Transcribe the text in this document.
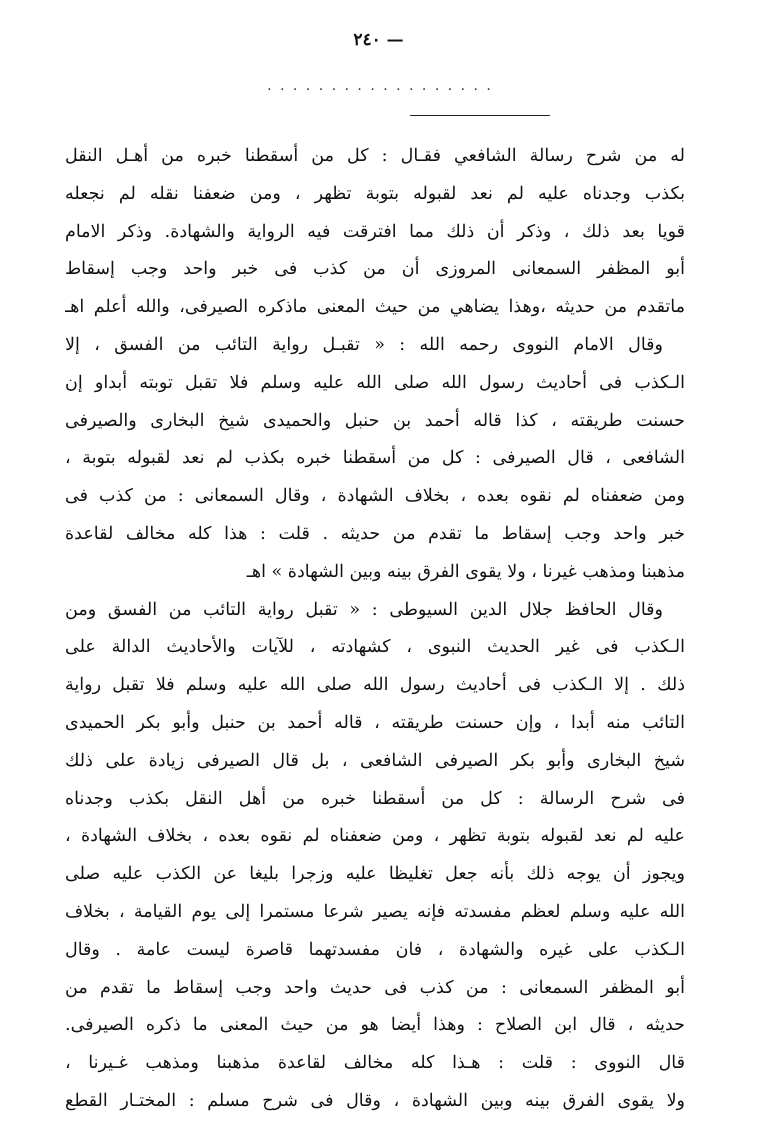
— ٢٤٠
. . . . . . . . . . . . . . . . . .
له من شرح رسالة الشافعي فقـال : كل من أسقطنا خبره من أهـل النقل
بكذب وجدناه عليه لم نعد لقبوله بتوبة تظهر ، ومن ضعفنا نقله لم نجعله
قويا بعد ذلك ، وذكر أن ذلك مما افترقت فيه الرواية والشهادة. وذكر الامام
أبو المظفر السمعانى المروزى أن من كذب فى خبر واحد وجب إسقاط
ماتقدم من حديثه ،وهذا يضاهي من حيث المعنى ماذكره الصيرفى، والله أعلم اهـ
وقال الامام النووى رحمه الله : « تقبـل رواية التائب من الفسق ، إلا
الـكذب فى أحاديث رسول الله صلى الله عليه وسلم فلا تقبل توبته أبداو إن
حسنت طريقته ، كذا قاله أحمد بن حنبل والحميدى شيخ البخارى والصيرفى
الشافعى ، قال الصيرفى : كل من أسقطنا خبره بكذب لم نعد لقبوله بتوبة ،
ومن ضعفناه لم نقوه بعده ، بخلاف الشهادة ، وقال السمعانى : من كذب فى
خبر واحد وجب إسقاط ما تقدم من حديثه . قلت : هذا كله مخالف لقاعدة
مذهبنا ومذهب غيرنا ، ولا يقوى الفرق بينه وبين الشهادة » اهـ
وقال الحافظ جلال الدين السيوطى : « تقبل رواية التائب من الفسق ومن
الـكذب فى غير الحديث النبوى ، كشهادته ، للآيات والأحاديث الدالة على
ذلك . إلا الـكذب فى أحاديث رسول الله صلى الله عليه وسلم فلا تقبل رواية
التائب منه أبدا ، وإن حسنت طريقته ، قاله أحمد بن حنبل وأبو بكر الحميدى
شيخ البخارى وأبو بكر الصيرفى الشافعى ، بل قال الصيرفى زيادة على ذلك
فى شرح الرسالة : كل من أسقطنا خبره من أهل النقل بكذب وجدناه
عليه لم نعد لقبوله بتوبة تظهر ، ومن ضعفناه لم نقوه بعده ، بخلاف الشهادة ،
ويجوز أن يوجه ذلك بأنه جعل تغليظا عليه وزجرا بليغا عن الكذب عليه صلى
الله عليه وسلم لعظم مفسدته فإنه يصير شرعا مستمرا إلى يوم القيامة ، بخلاف
الـكذب على غيره والشهادة ، فان مفسدتهما قاصرة ليست عامة . وقال
أبو المظفر السمعانى : من كذب فى حديث واحد وجب إسقاط ما تقدم من
حديثه ، قال ابن الصلاح : وهذا أيضا هو من حيث المعنى ما ذكره الصيرفى.
قال النووى : قلت : هـذا كله مخالف لقاعدة مذهبنا ومذهب غـيرنا ،
ولا يقوى الفرق بينه وبين الشهادة ، وقال فى شرح مسلم : المختـار القطع
